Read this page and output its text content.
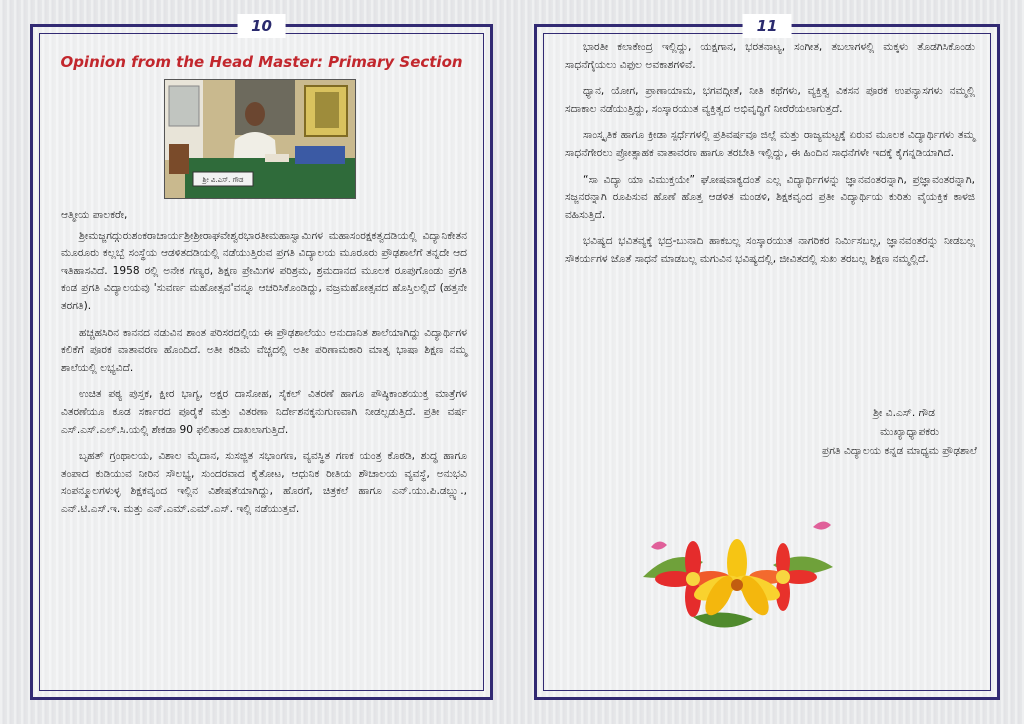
10
Opinion from the Head Master: Primary Section
ಶ್ರೀ ವಿ.ಎಸ್. ಗೌಡ

ಆತ್ಮೀಯ ಪಾಲಕರೇ,

ಶ್ರೀಮಜ್ಜಗದ್ಗುರುಶಂಕರಾಚಾರ್ಯಶ್ರೀಶ್ರೀರಾಘವೇಶ್ವರಭಾರತೀಮಹಾಸ್ವಾಮಿಗಳ ಮಹಾಸಂರಕ್ಷಕತ್ವದಡಿಯಲ್ಲಿ ವಿದ್ಯಾನಿಕೇತನ ಮೂರೂರು ಕಲ್ಲಬ್ಬೆ ಸಂಸ್ಥೆಯ ಆಡಳಿತದಡಿಯಲ್ಲಿ ನಡೆಯುತ್ತಿರುವ ಪ್ರಗತಿ ವಿದ್ಯಾಲಯ ಮೂರೂರು ಪ್ರೌಢಶಾಲೆಗೆ ತನ್ನದೇ ಆದ ಇತಿಹಾಸವಿದೆ. 1958 ರಲ್ಲಿ ಅನೇಕ ಗಣ್ಯರ, ಶಿಕ್ಷಣ ಪ್ರೇಮಿಗಳ ಪರಿಶ್ರಮ, ಶ್ರಮದಾನದ ಮೂಲಕ ರೂಪುಗೊಂಡು ಪ್ರಗತಿ ಕಂಡ ಪ್ರಗತಿ ವಿದ್ಯಾಲಯವು 'ಸುವರ್ಣ ಮಹೋತ್ಸವ'ವನ್ನೂ ಆಚರಿಸಿಕೊಂಡಿದ್ದು, ವಜ್ರಮಹೋತ್ಸವದ ಹೊಸ್ತಿಲಲ್ಲಿದೆ (ಹತ್ತನೇ ತರಗತಿ).

ಹಚ್ಚಹಸಿರಿನ ಕಾನನದ ನಡುವಿನ ಶಾಂತ ಪರಿಸರದಲ್ಲಿಯ ಈ ಪ್ರೌಢಶಾಲೆಯು ಅನುದಾನಿತ ಶಾಲೆಯಾಗಿದ್ದು ವಿದ್ಯಾರ್ಥಿಗಳ ಕಲಿಕೆಗೆ ಪೂರಕ ವಾತಾವರಣ ಹೊಂದಿದೆ. ಅತೀ ಕಡಿಮೆ ವೆಚ್ಚದಲ್ಲಿ ಅತೀ ಪರಿಣಾಮಕಾರಿ ಮಾತೃ ಭಾಷಾ ಶಿಕ್ಷಣ ನಮ್ಮ ಶಾಲೆಯಲ್ಲಿ ಲಭ್ಯವಿದೆ.

ಉಚಿತ ಪಠ್ಯ ಪುಸ್ತಕ, ಕ್ಷೀರ ಭಾಗ್ಯ, ಅಕ್ಷರ ದಾಸೋಹ, ಸೈಕಲ್ ವಿತರಣೆ ಹಾಗೂ ಪೌಷ್ಠಿಕಾಂಶಯುಕ್ತ ಮಾತ್ರೆಗಳ ವಿತರಣೆಯೂ ಕೂಡ ಸರ್ಕಾರದ ಪೂರೈಕೆ ಮತ್ತು ವಿತರಣಾ ನಿರ್ದೇಶನಕ್ಕನುಗುಣವಾಗಿ ನೀಡಲ್ಪಡುತ್ತಿದೆ. ಪ್ರತೀ ವರ್ಷ ಎಸ್.ಎಸ್.ಎಲ್.ಸಿ.ಯಲ್ಲಿ ಶೇಕಡಾ 90 ಫಲಿತಾಂಶ ದಾಖಲಾಗುತ್ತಿದೆ.

ಬೃಹತ್ ಗ್ರಂಥಾಲಯ, ವಿಶಾಲ ಮೈದಾನ, ಸುಸಜ್ಜಿತ ಸಭಾಂಗಣ, ವ್ಯವಸ್ಥಿತ ಗಣಕ ಯಂತ್ರ ಕೊಠಡಿ, ಶುದ್ಧ ಹಾಗೂ ತಂಪಾದ ಕುಡಿಯುವ ನೀರಿನ ಸೌಲಭ್ಯ, ಸುಂದರವಾದ ಕೈತೋಟ, ಆಧುನಿಕ ರೀತಿಯ ಶೌಚಾಲಯ ವ್ಯವಸ್ಥೆ, ಅನುಭವಿ ಸಂಪನ್ಮೂಲಗಳುಳ್ಳ ಶಿಕ್ಷಕವೃಂದ ಇಲ್ಲಿನ ವಿಶೇಷತೆಯಾಗಿದ್ದು, ಹೊರಗೆ, ಚಿತ್ರಕಲೆ ಹಾಗೂ ಎನ್.ಯು.ಪಿ.ಡಬ್ಲ್ಯು., ಎನ್.ಟಿ.ಎಸ್.ಇ. ಮತ್ತು ಎನ್.ಎಮ್.ಎಮ್.ಎಸ್. ಇಲ್ಲಿ ನಡೆಯುತ್ತವೆ.

11

ಭಾರತೀ ಕಲಾಕೇಂದ್ರ ಇಲ್ಲಿದ್ದು, ಯಕ್ಷಗಾನ, ಭರತನಾಟ್ಯ, ಸಂಗೀತ, ತಬಲಾಗಳಲ್ಲಿ ಮಕ್ಕಳು ತೊಡಗಿಸಿಕೊಂಡು ಸಾಧನೆಗೈಯಲು ವಿಫುಲ ಅವಕಾಶಗಳಿವೆ.

ಧ್ಯಾನ, ಯೋಗ, ಪ್ರಾಣಾಯಾಮ, ಭಗವದ್ಗೀತೆ, ನೀತಿ ಕಥೆಗಳು, ವ್ಯಕ್ತಿತ್ವ ವಿಕಸನ ಪೂರಕ ಉಪನ್ಯಾಸಗಳು ನಮ್ಮಲ್ಲಿ ಸದಾಕಾಲ ನಡೆಯುತ್ತಿದ್ದು, ಸಂಸ್ಕಾರಯುತ ವ್ಯಕ್ತಿತ್ವದ ಅಭಿವೃದ್ಧಿಗೆ ನೀರೆರೆಯಲಾಗುತ್ತದೆ.

ಸಾಂಸ್ಕೃತಿಕ ಹಾಗೂ ಕ್ರೀಡಾ ಸ್ಪರ್ಧೆಗಳಲ್ಲಿ ಪ್ರತಿವರ್ಷವೂ ಜಿಲ್ಲೆ ಮತ್ತು ರಾಜ್ಯಮಟ್ಟಕ್ಕೆ ಏರುವ ಮೂಲಕ ವಿದ್ಯಾರ್ಥಿಗಳು ತಮ್ಮ ಸಾಧನೆಗೇರಲು ಪ್ರೋತ್ಸಾಹಕ ವಾತಾವರಣ ಹಾಗೂ ತರಬೇತಿ ಇಲ್ಲಿದ್ದು, ಈ ಹಿಂದಿನ ಸಾಧನೆಗಳೇ ಇದಕ್ಕೆ ಕೈಗನ್ನಡಿಯಾಗಿದೆ.

“ಸಾ ವಿದ್ಯಾ ಯಾ ವಿಮುಕ್ತಯೇ” ಘೋಷವಾಕ್ಯದಂತೆ ಎಲ್ಲ ವಿದ್ಯಾರ್ಥಿಗಳನ್ನು ಜ್ಞಾನವಂತರನ್ನಾಗಿ, ಪ್ರಜ್ಞಾವಂತರನ್ನಾಗಿ, ಸಜ್ಜನರನ್ನಾಗಿ ರೂಪಿಸುವ ಹೊಣೆ ಹೊತ್ತ ಆಡಳಿತ ಮಂಡಳಿ, ಶಿಕ್ಷಕವೃಂದ ಪ್ರತೀ ವಿದ್ಯಾರ್ಥಿಯ ಕುರಿತು ವೈಯಕ್ತಿಕ ಕಾಳಜಿ ವಹಿಸುತ್ತಿದೆ.

ಭವಿಷ್ಯದ ಭವಿತವ್ಯಕ್ಕೆ ಭದ್ರ-ಬುನಾದಿ ಹಾಕಬಲ್ಲ ಸಂಸ್ಕಾರಯುತ ನಾಗರಿಕರ ನಿರ್ಮಿಸಬಲ್ಲ, ಜ್ಞಾನವಂತರನ್ನು ನೀಡಬಲ್ಲ ಸೌಕರ್ಯಗಳ ಜೊತೆ ಸಾಧನೆ ಮಾಡಬಲ್ಲ ಮಗುವಿನ ಭವಿಷ್ಯದಲ್ಲಿ, ಜೀವಿತದಲ್ಲಿ ಸುಖ ತರಬಲ್ಲ ಶಿಕ್ಷಣ ನಮ್ಮಲ್ಲಿದೆ.

ಶ್ರೀ ವಿ.ಎಸ್. ಗೌಡ
ಮುಖ್ಯಾಧ್ಯಾಪಕರು
ಪ್ರಗತಿ ವಿದ್ಯಾಲಯ ಕನ್ನಡ ಮಾಧ್ಯಮ ಪ್ರೌಢಶಾಲೆ
